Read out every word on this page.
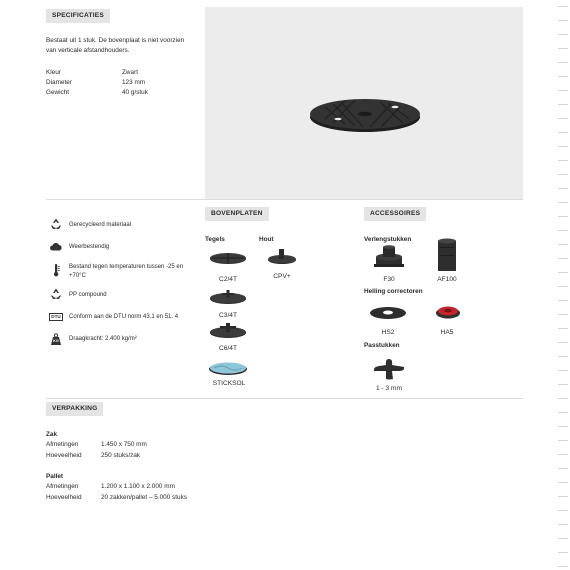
SPECIFICATIES
Bestaat uit 1 stuk. De bovenplaat is niet voorzien van verticale afstandhouders.
Kleur	Zwart
Diameter	123 mm
Gewicht	40 g/stuk
Gerecycleerd materiaal
Weerbestendig
Bestand tegen temperaturen tussen -25 en +70°C
PP compound
DTU	Conform aan de DTU norm 43.1 en 51. 4
KG	Draagkracht: 2.400 kg/m²
BOVENPLATEN
Tegels	Hout
C2/4T
C3/4T
C6/4T
STICKSOL
CPV+
ACCESSOIRES
Verlengstukken
F30	AF100
Helling correctoren
HS2	HA5
Passtukken
1 - 3 mm
VERPAKKING
Zak
Afmetingen	1.450 x 750 mm
Hoeveelheid	250 stuks/zak
Pallet
Afmetingen	1.200 x 1.100 x 2.000 mm
Hoeveelheid	20 zakken/pallet – 5.000 stuks
